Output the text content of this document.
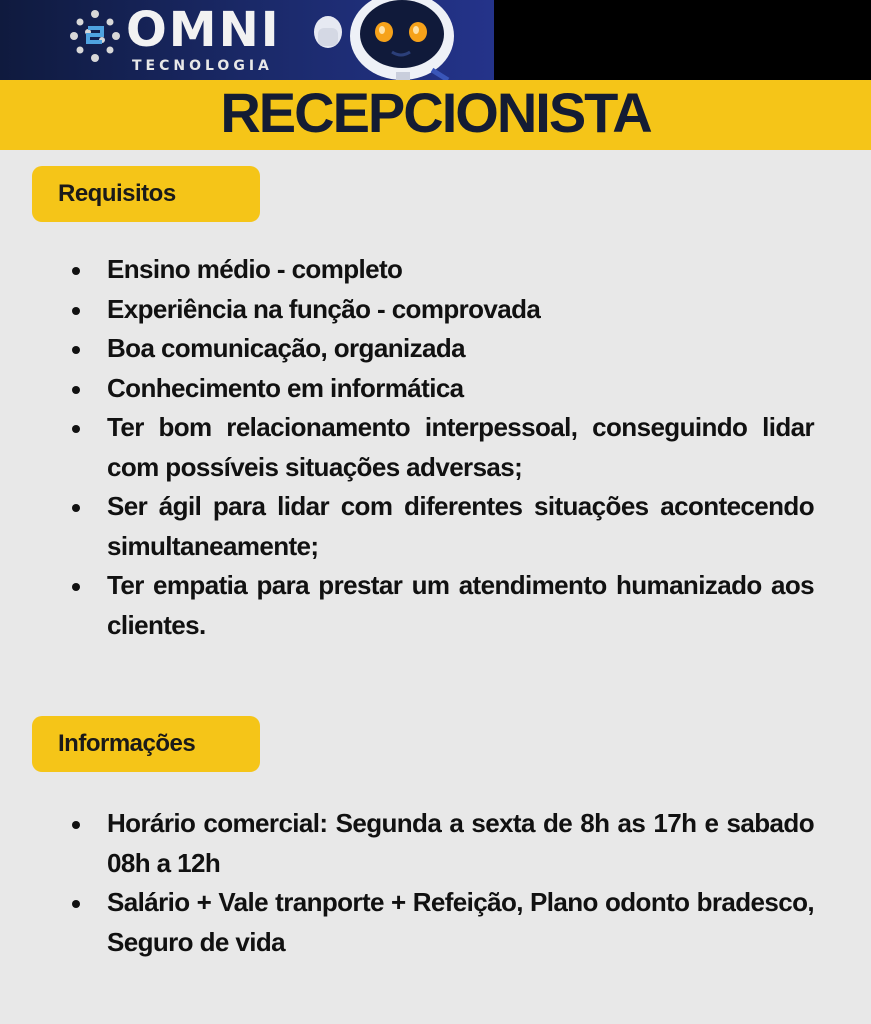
OMNI
TECNOLOGIA
RECEPCIONISTA
Requisitos
Ensino médio - completo
Experiência na função - comprovada
Boa comunicação, organizada
Conhecimento em informática
Ter bom relacionamento interpessoal, conseguindo lidar com possíveis situações adversas;
Ser ágil para lidar com diferentes situações acontecendo simultaneamente;
Ter empatia para prestar um atendimento humanizado aos clientes.
Informações
Horário comercial: Segunda a sexta de 8h as 17h e sabado 08h a 12h
Salário + Vale tranporte + Refeição, Plano odonto bradesco, Seguro de vida
